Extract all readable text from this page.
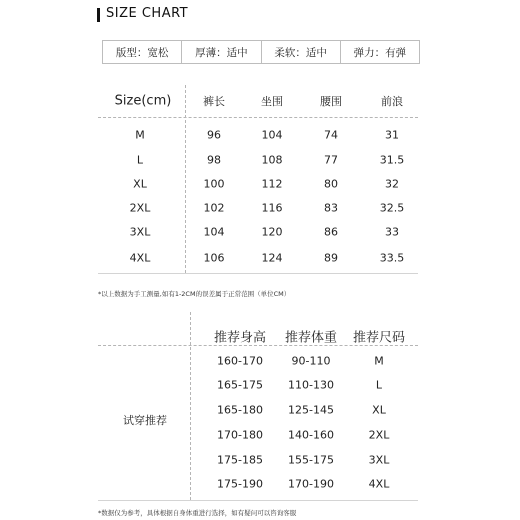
SIZE CHART
版型：宽松	厚薄：适中	柔软：适中	弹力：有弹
Size(cm)	裤长	坐围	腰围	前浪
M	96	104	74	31
L	98	108	77	31.5
XL	100	112	80	32
2XL	102	116	83	32.5
3XL	104	120	86	33
4XL	106	124	89	33.5
*以上数据为手工测量,如有1-2CM的误差属于正常范围（单位CM）
试穿推荐
推荐身高 推荐体重 推荐尺码
160-170	90-110	M
165-175 110-130	L
165-180 125-145	XL
170-180 140-160	2XL
175-185 155-175	3XL
175-190 170-190	4XL
*数据仅为参考，具体根据自身体重进行选择，如有疑问可以咨询客服
